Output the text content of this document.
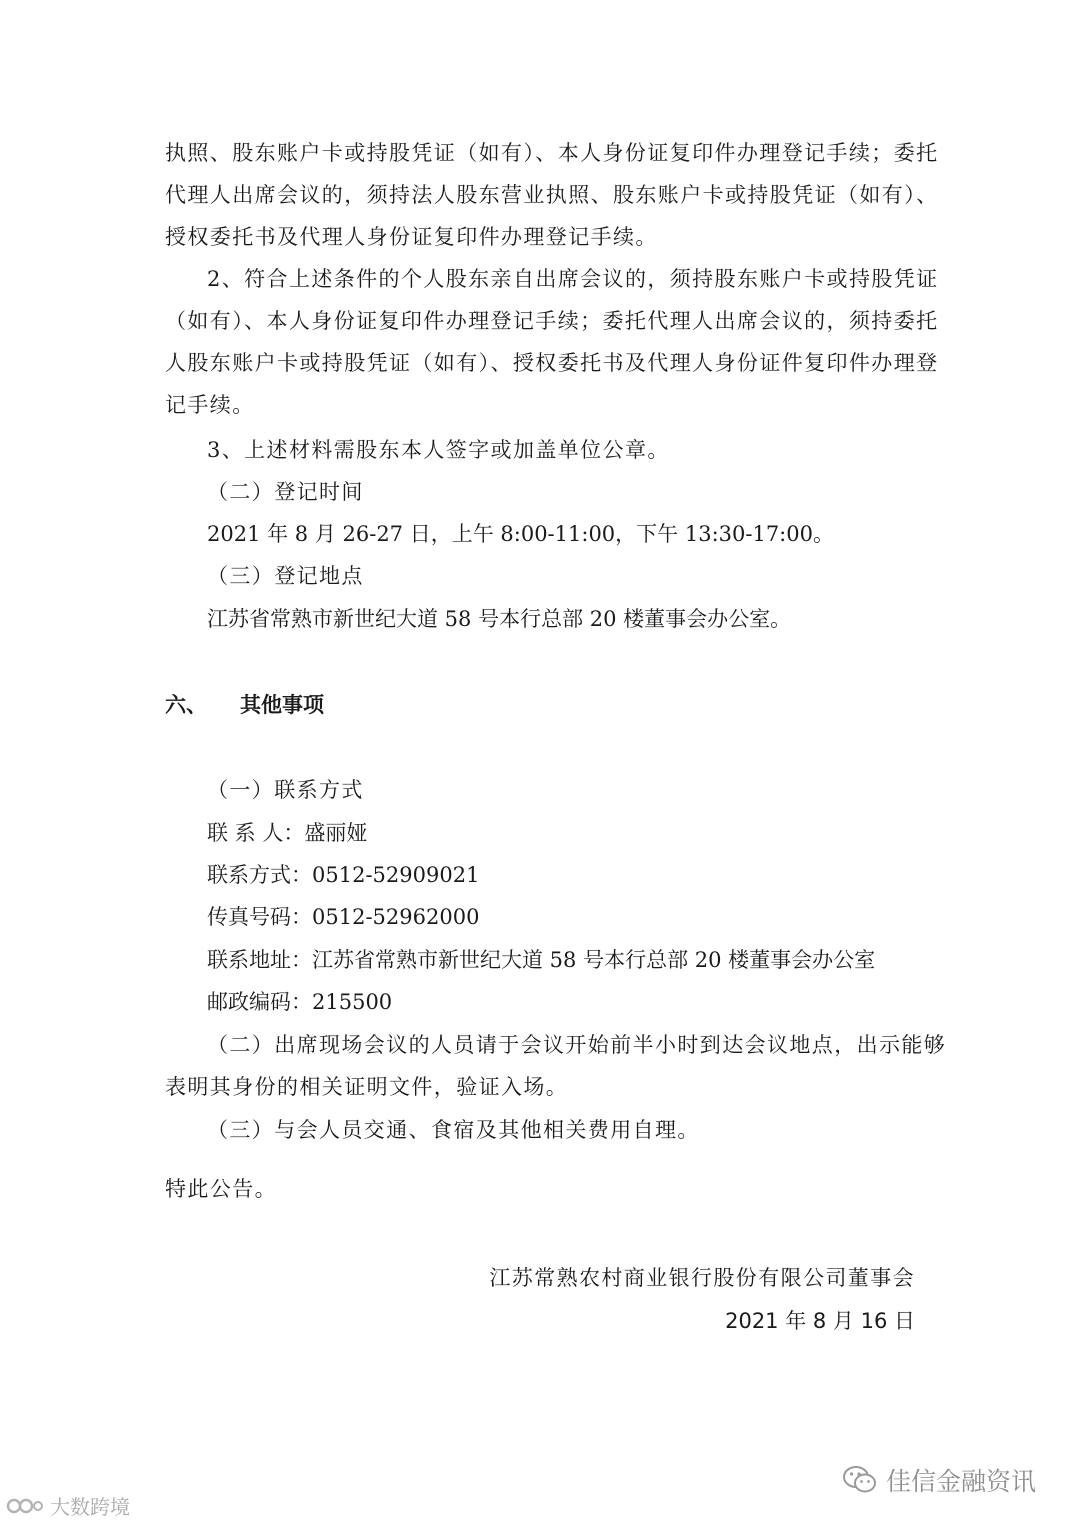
执照、股东账户卡或持股凭证（如有）、本人身份证复印件办理登记手续；委托
代理人出席会议的，须持法人股东营业执照、股东账户卡或持股凭证（如有）、
授权委托书及代理人身份证复印件办理登记手续。
2、符合上述条件的个人股东亲自出席会议的，须持股东账户卡或持股凭证
（如有）、本人身份证复印件办理登记手续；委托代理人出席会议的，须持委托
人股东账户卡或持股凭证（如有）、授权委托书及代理人身份证件复印件办理登
记手续。
3、上述材料需股东本人签字或加盖单位公章。
（二）登记时间
2021 年 8 月 26-27 日，上午 8:00-11:00，下午 13:30-17:00。
（三）登记地点
江苏省常熟市新世纪大道 58 号本行总部 20 楼董事会办公室。
六、 其他事项
（一）联系方式
联 系 人：盛丽娅
联系方式：0512-52909021
传真号码：0512-52962000
联系地址：江苏省常熟市新世纪大道 58 号本行总部 20 楼董事会办公室
邮政编码：215500
（二）出席现场会议的人员请于会议开始前半小时到达会议地点，出示能够
表明其身份的相关证明文件，验证入场。
（三）与会人员交通、食宿及其他相关费用自理。
特此公告。
江苏常熟农村商业银行股份有限公司董事会
2021 年 8 月 16 日
大数跨境
佳信金融资讯
